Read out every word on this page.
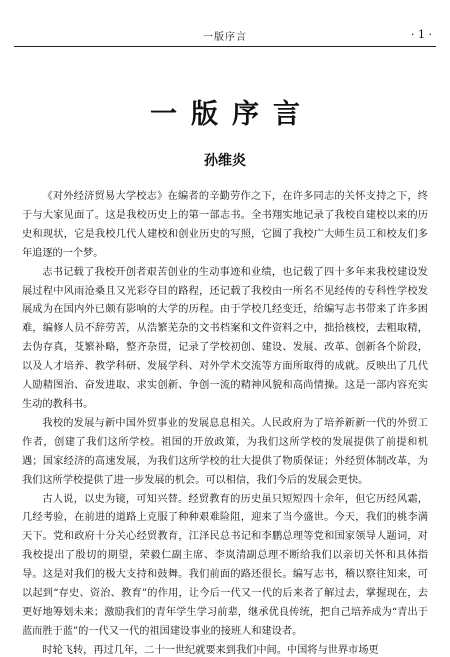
一版序言	· 1 ·
一版序言
孙维炎

《对外经济贸易大学校志》在编者的辛勤劳作之下，在许多同志的关怀支持之下，终于与大家见面了。这是我校历史上的第一部志书。全书翔实地记录了我校自建校以来的历史和现状，它是我校几代人建校和创业历史的写照，它圆了我校广大师生员工和校友们多年追逐的一个梦。

志书记载了我校开创者艰苦创业的生动事迹和业绩，也记载了四十多年来我校建设发展过程中风雨沧桑且又光彩夺目的路程，还记载了我校由一所名不见经传的专科性学校发展成为在国内外已颇有影响的大学的历程。由于学校几经变迁，给编写志书带来了许多困难，编修人员不辞劳苦，从浩繁芜杂的文书档案和文件资料之中，拙拾核校，去粗取精，去伪存真，芟繁补略，整齐杂贯，记录了学校初创、建设、发展、改革、创新各个阶段，以及人才培养、教学科研、发展学科、对外学术交流等方面所取得的成就。反映出了几代人励精图治、奋发进取、求实创新、争创一流的精神风貌和高尚情操。这是一部内容充实生动的教科书。

我校的发展与新中国外贸事业的发展息息相关。人民政府为了培养新新一代的外贸工作者，创建了我们这所学校。祖国的开放政策，为我们这所学校的发展提供了前提和机遇；国家经济的高速发展，为我们这所学校的壮大提供了物质保证；外经贸体制改革，为我们这所学校提供了进一步发展的机会。可以相信，我们今后的发展会更快。

古人说，以史为镜，可知兴替。经贸教育的历史虽只短短四十余年，但它历经风霜，几经考验，在前进的道路上克服了种种艰难险阻，迎来了当今盛世。今天，我们的桃李满天下。党和政府十分关心经贸教育，江泽民总书记和李鹏总理等党和国家领导人题词，对我校提出了殷切的期望，荣毅仁副主席、李岚清副总理不断给我们以亲切关怀和具体指导。这是对我们的极大支持和鼓舞。我们前面的路还很长。编写志书，稽以察往知来，可以起到“存史、资治、教育”的作用，让今后一代又一代的后来者了解过去，掌握现在，去更好地筹划未来；激励我们的青年学生学习前辈，继承优良传统，把自己培养成为“青出于蓝而胜于蓝”的一代又一代的祖国建设事业的接班人和建设者。

时轮飞转，再过几年，二十一世纪就要来到我们中间。中国将与世界市场更
